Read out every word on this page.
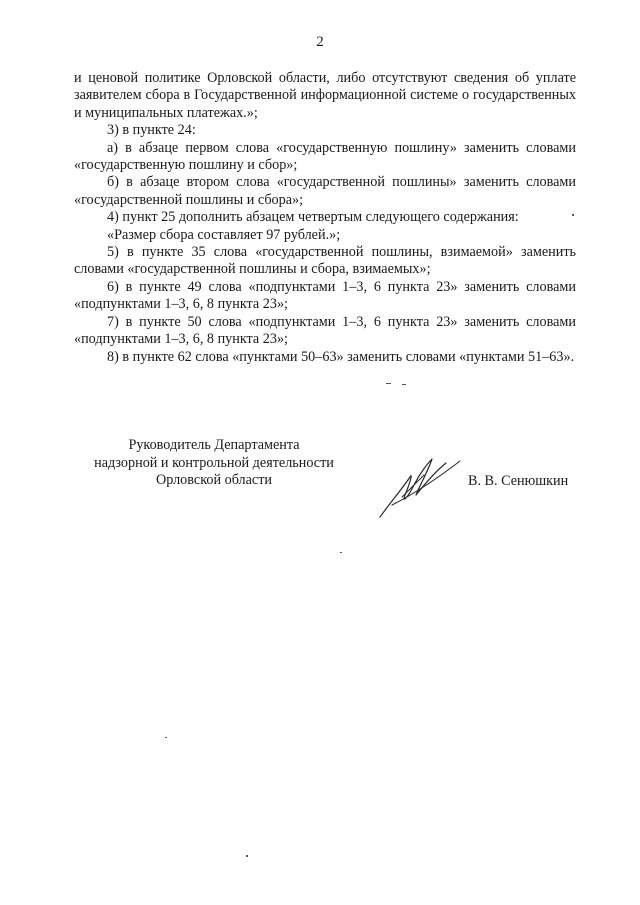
2

и ценовой политике Орловской области, либо отсутствуют сведения об уплате заявителем сбора в Государственной информационной системе о государственных и муниципальных платежах.»;

3) в пункте 24:

а) в абзаце первом слова «государственную пошлину» заменить словами «государственную пошлину и сбор»;

б) в абзаце втором слова «государственной пошлины» заменить словами «государственной пошлины и сбора»;

4) пункт 25 дополнить абзацем четвертым следующего содержания:

«Размер сбора составляет 97 рублей.»;

5) в пункте 35 слова «государственной пошлины, взимаемой» заменить словами «государственной пошлины и сбора, взимаемых»;

6) в пункте 49 слова «подпунктами 1–3, 6 пункта 23» заменить словами «подпунктами 1–3, 6, 8 пункта 23»;

7) в пункте 50 слова «подпунктами 1–3, 6 пункта 23» заменить словами «подпунктами 1–3, 6, 8 пункта 23»;

8) в пункте 62 слова «пунктами 50–63» заменить словами «пунктами 51–63».

Руководитель Департамента
надзорной и контрольной деятельности
Орловской области	В. В. Сенюшкин
